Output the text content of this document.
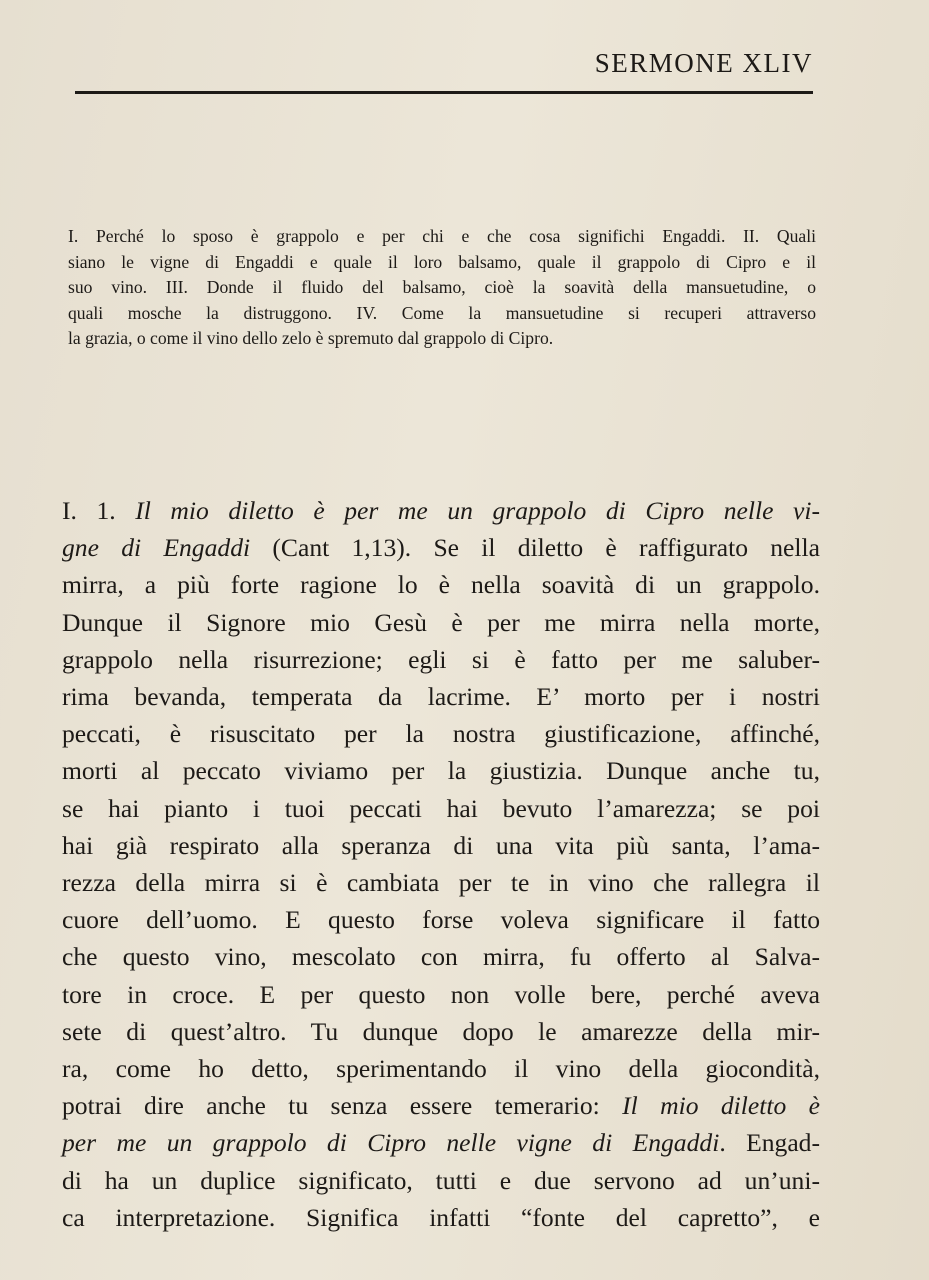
SERMONE XLIV
I. Perché lo sposo è grappolo e per chi e che cosa significhi Engaddi. II. Quali
siano le vigne di Engaddi e quale il loro balsamo, quale il grappolo di Cipro e il
suo vino. III. Donde il fluido del balsamo, cioè la soavità della mansuetudine, o
quali mosche la distruggono. IV. Come la mansuetudine si recuperi attraverso
la grazia, o come il vino dello zelo è spremuto dal grappolo di Cipro.
I. 1. Il mio diletto è per me un grappolo di Cipro nelle vi-
gne di Engaddi (Cant 1,13). Se il diletto è raffigurato nella
mirra, a più forte ragione lo è nella soavità di un grappolo.
Dunque il Signore mio Gesù è per me mirra nella morte,
grappolo nella risurrezione; egli si è fatto per me saluber-
rima bevanda, temperata da lacrime. E’ morto per i nostri
peccati, è risuscitato per la nostra giustificazione, affinché,
morti al peccato viviamo per la giustizia. Dunque anche tu,
se hai pianto i tuoi peccati hai bevuto l’amarezza; se poi
hai già respirato alla speranza di una vita più santa, l’ama-
rezza della mirra si è cambiata per te in vino che rallegra il
cuore dell’uomo. E questo forse voleva significare il fatto
che questo vino, mescolato con mirra, fu offerto al Salva-
tore in croce. E per questo non volle bere, perché aveva
sete di quest’altro. Tu dunque dopo le amarezze della mir-
ra, come ho detto, sperimentando il vino della giocondità,
potrai dire anche tu senza essere temerario: Il mio diletto è
per me un grappolo di Cipro nelle vigne di Engaddi. Engad-
di ha un duplice significato, tutti e due servono ad un’uni-
ca interpretazione. Significa infatti “fonte del capretto”, e
